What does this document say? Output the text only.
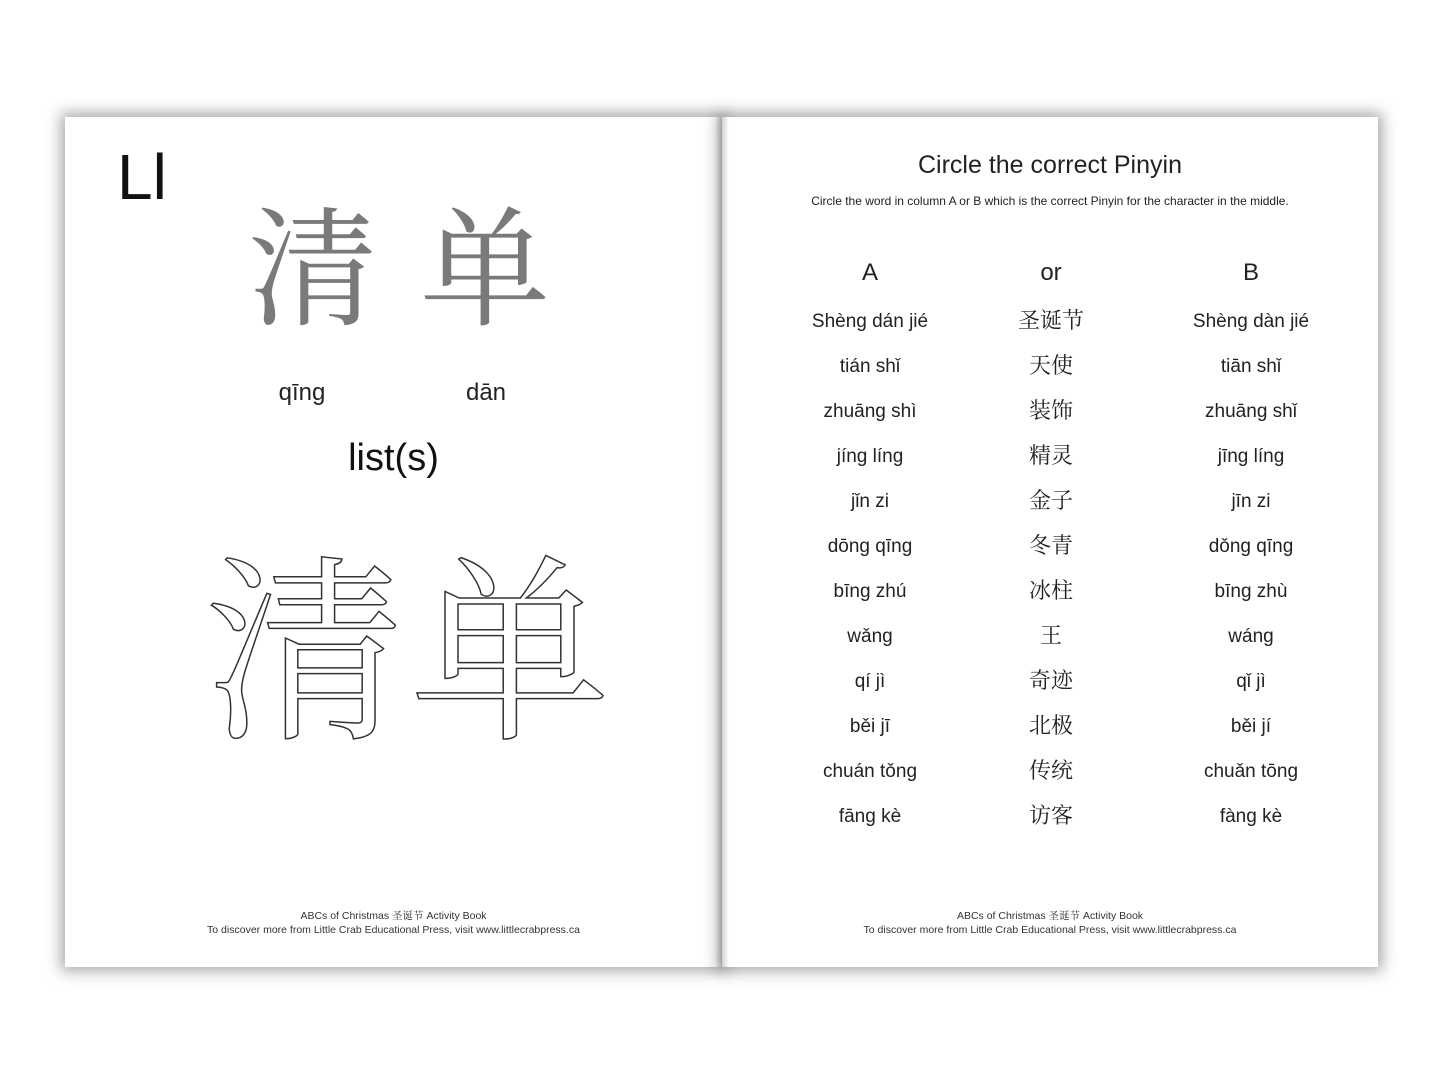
Ll
清 单
qīng	dān
list(s)
清 单
ABCs of Christmas 圣诞节 Activity Book
To discover more from Little Crab Educational Press, visit www.littlecrabpress.ca
Circle the correct Pinyin
Circle the word in column A or B which is the correct Pinyin for the character in the middle.
A	or	B
Shèng dán jié	圣诞节	Shèng dàn jié
tián shǐ	天使	tiān shǐ
zhuāng shì	装饰	zhuāng shǐ
jíng líng	精灵	jīng líng
jǐn zi	金子	jīn zi
dōng qīng	冬青	dǒng qīng
bīng zhú	冰柱	bīng zhù
wǎng	王	wáng
qí jì	奇迹	qǐ jì
běi jī	北极	běi jí
chuán tǒng	传统	chuǎn tōng
fāng kè	访客	fàng kè
ABCs of Christmas 圣诞节 Activity Book
To discover more from Little Crab Educational Press, visit www.littlecrabpress.ca
